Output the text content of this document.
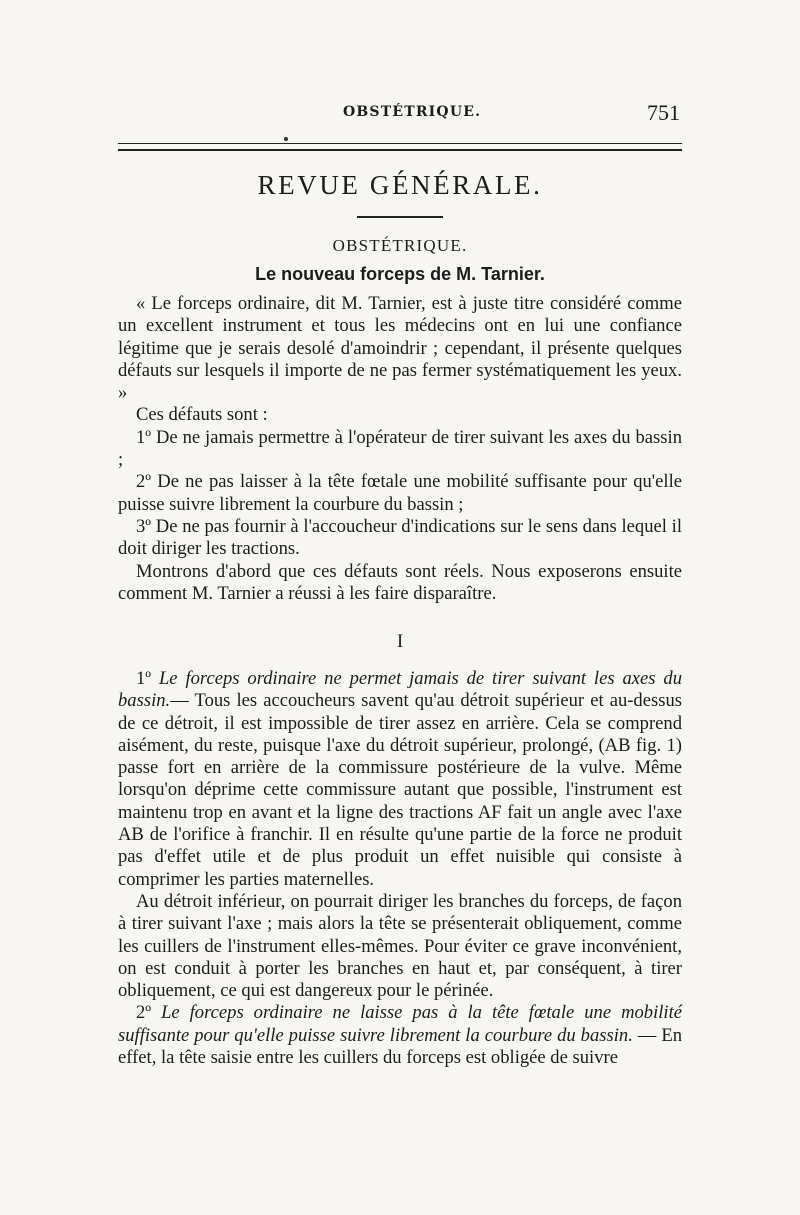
OBSTÉTRIQUE.	751
REVUE GÉNÉRALE.
OBSTÉTRIQUE.
Le nouveau forceps de M. Tarnier.

« Le forceps ordinaire, dit M. Tarnier, est à juste titre considéré comme un excellent instrument et tous les médecins ont en lui une confiance légitime que je serais desolé d'amoindrir ; cependant, il présente quelques défauts sur lesquels il importe de ne pas fermer systématiquement les yeux. »

Ces défauts sont :

1º De ne jamais permettre à l'opérateur de tirer suivant les axes du bassin ;

2º De ne pas laisser à la tête fœtale une mobilité suffisante pour qu'elle puisse suivre librement la courbure du bassin ;

3º De ne pas fournir à l'accoucheur d'indications sur le sens dans lequel il doit diriger les tractions.

Montrons d'abord que ces défauts sont réels. Nous exposerons ensuite comment M. Tarnier a réussi à les faire disparaître.

I

1º Le forceps ordinaire ne permet jamais de tirer suivant les axes du bassin.— Tous les accoucheurs savent qu'au détroit supérieur et au-dessus de ce détroit, il est impossible de tirer assez en arrière. Cela se comprend aisément, du reste, puisque l'axe du détroit supérieur, prolongé, (AB fig. 1) passe fort en arrière de la commissure postérieure de la vulve. Même lorsqu'on déprime cette commissure autant que possible, l'instrument est maintenu trop en avant et la ligne des tractions AF fait un angle avec l'axe AB de l'orifice à franchir. Il en résulte qu'une partie de la force ne produit pas d'effet utile et de plus produit un effet nuisible qui consiste à comprimer les parties maternelles.

Au détroit inférieur, on pourrait diriger les branches du forceps, de façon à tirer suivant l'axe ; mais alors la tête se présenterait obliquement, comme les cuillers de l'instrument elles-mêmes. Pour éviter ce grave inconvénient, on est conduit à porter les branches en haut et, par conséquent, à tirer obliquement, ce qui est dangereux pour le périnée.

2º Le forceps ordinaire ne laisse pas à la tête fœtale une mobilité suffisante pour qu'elle puisse suivre librement la courbure du bassin. — En effet, la tête saisie entre les cuillers du forceps est obligée de suivre
